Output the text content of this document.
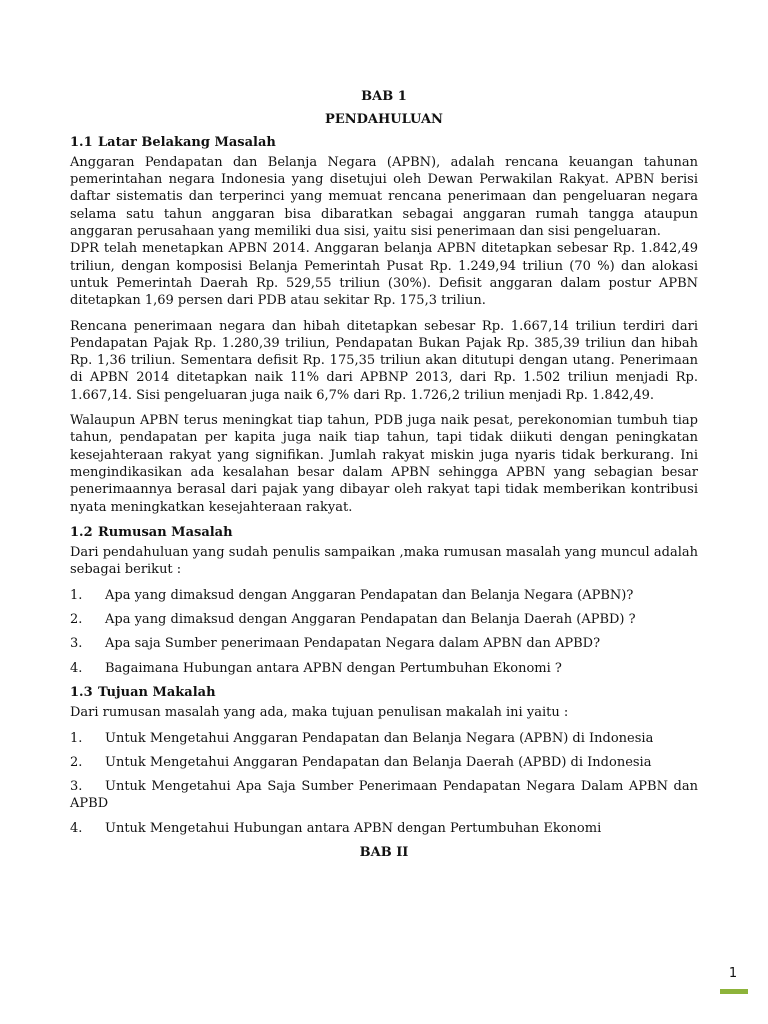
BAB 1

PENDAHULUAN

1.1 Latar Belakang Masalah

Anggaran Pendapatan dan Belanja Negara (APBN), adalah rencana keuangan tahunan pemerintahan negara Indonesia yang disetujui oleh Dewan Perwakilan Rakyat. APBN berisi daftar sistematis dan terperinci yang memuat rencana penerimaan dan pengeluaran negara selama satu tahun anggaran bisa dibaratkan sebagai anggaran rumah tangga ataupun anggaran perusahaan yang memiliki dua sisi, yaitu sisi penerimaan dan sisi pengeluaran.

DPR telah menetapkan APBN 2014. Anggaran belanja APBN ditetapkan sebesar Rp. 1.842,49 triliun, dengan komposisi Belanja Pemerintah Pusat Rp. 1.249,94 triliun (70 %) dan alokasi untuk Pemerintah Daerah Rp. 529,55 triliun (30%). Defisit anggaran dalam postur APBN ditetapkan 1,69 persen dari PDB atau sekitar Rp. 175,3 triliun.

Rencana penerimaan negara dan hibah ditetapkan sebesar Rp. 1.667,14 triliun terdiri dari Pendapatan Pajak Rp. 1.280,39 triliun, Pendapatan Bukan Pajak Rp. 385,39 triliun dan hibah Rp. 1,36 triliun. Sementara defisit Rp. 175,35 triliun akan ditutupi dengan utang. Penerimaan di APBN 2014 ditetapkan naik 11% dari APBNP 2013, dari Rp. 1.502 triliun menjadi Rp. 1.667,14. Sisi pengeluaran juga naik 6,7% dari Rp. 1.726,2 triliun menjadi Rp. 1.842,49.

Walaupun APBN terus meningkat tiap tahun, PDB juga naik pesat, perekonomian tumbuh tiap tahun, pendapatan per kapita juga naik tiap tahun, tapi tidak diikuti dengan peningkatan kesejahteraan rakyat yang signifikan. Jumlah rakyat miskin juga nyaris tidak berkurang. Ini mengindikasikan ada kesalahan besar dalam APBN sehingga APBN yang sebagian besar penerimaannya berasal dari pajak yang dibayar oleh rakyat tapi tidak memberikan kontribusi nyata meningkatkan kesejahteraan rakyat.

1.2 Rumusan Masalah

Dari pendahuluan yang sudah penulis sampaikan ,maka rumusan masalah yang muncul adalah sebagai berikut :

1.	Apa yang dimaksud dengan Anggaran Pendapatan dan Belanja Negara (APBN)?
2.	Apa yang dimaksud dengan Anggaran Pendapatan dan Belanja Daerah (APBD) ?
3.	Apa saja Sumber penerimaan Pendapatan Negara dalam APBN dan APBD?
4.	Bagaimana Hubungan antara APBN dengan Pertumbuhan Ekonomi ?
1.3 Tujuan Makalah

Dari rumusan masalah yang ada, maka tujuan penulisan makalah ini yaitu :

1.	Untuk Mengetahui Anggaran Pendapatan dan Belanja Negara (APBN) di Indonesia
2.	Untuk Mengetahui Anggaran Pendapatan dan Belanja Daerah (APBD) di Indonesia
3. Untuk Mengetahui Apa Saja Sumber Penerimaan Pendapatan Negara Dalam APBN dan APBD
4.	Untuk Mengetahui Hubungan antara APBN dengan Pertumbuhan Ekonomi

BAB II

1
